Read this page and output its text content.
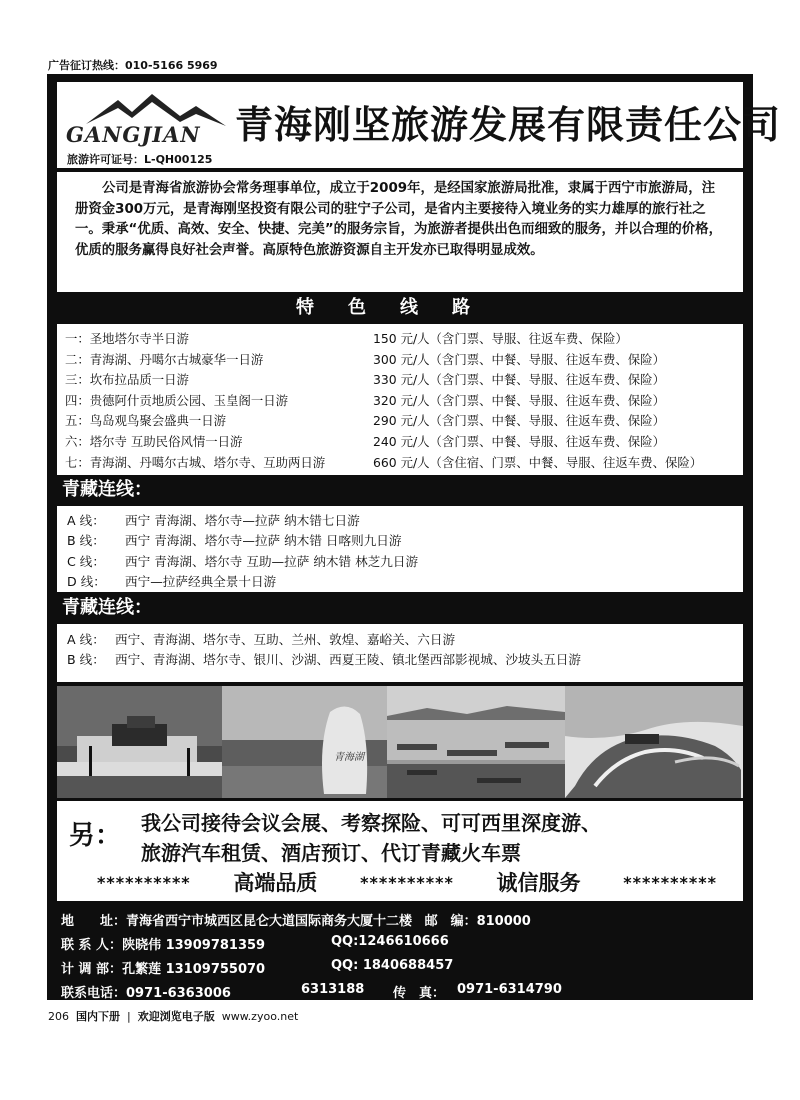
广告征订热线：010-5166 5969
GANGJIAN 青海刚坚旅游发展有限责任公司
旅游许可证号：L-QH00125

公司是青海省旅游协会常务理事单位，成立于2009年，是经国家旅游局批准，隶属于西宁市旅游局，注册资金300万元，是青海刚坚投资有限公司的驻宁子公司，是省内主要接待入境业务的实力雄厚的旅行社之一。秉承“优质、高效、安全、快捷、完美”的服务宗旨，为旅游者提供出色而细致的服务，并以合理的价格，优质的服务赢得良好社会声誉。高原特色旅游资源自主开发亦已取得明显成效。

特色线路
一：圣地塔尔寺半日游	150 元/人（含门票、导服、往返车费、保险）
二：青海湖、丹噶尔古城豪华一日游	300 元/人（含门票、中餐、导服、往返车费、保险）
三：坎布拉品质一日游	330 元/人（含门票、中餐、导服、往返车费、保险）
四：贵德阿什贡地质公园、玉皇阁一日游	320 元/人（含门票、中餐、导服、往返车费、保险）
五：鸟岛观鸟聚会盛典一日游	290 元/人（含门票、中餐、导服、往返车费、保险）
六：塔尔寺 互助民俗风情一日游	240 元/人（含门票、中餐、导服、往返车费、保险）
七：青海湖、丹噶尔古城、塔尔寺、互助两日游	660 元/人（含住宿、门票、中餐、导服、往返车费、保险）
青藏连线：
A 线： 西宁 青海湖、塔尔寺—拉萨 纳木错七日游
B 线： 西宁 青海湖、塔尔寺—拉萨 纳木错 日喀则九日游
C 线： 西宁 青海湖、塔尔寺 互助—拉萨 纳木错 林芝九日游
D 线： 西宁—拉萨经典全景十日游
青藏连线：
A 线： 西宁、青海湖、塔尔寺、互助、兰州、敦煌、嘉峪关、六日游
B 线： 西宁、青海湖、塔尔寺、银川、沙湖、西夏王陵、镇北堡西部影视城、沙坡头五日游
青海湖
另： 我公司接待会议会展、考察探险、可可西里深度游、
旅游汽车租赁、酒店预订、代订青藏火车票
********** 高端品质	********** 诚信服务	**********
地　　址：青海省西宁市城西区昆仑大道国际商务大厦十二楼 邮　编：810000
联 系 人：陕晓伟 13909781359	QQ:1246610666
计 调 部：孔繁莲 13109755070	QQ: 1840688457
联系电话：0971-6363006	6313188 传　真： 0971-6314790
206 国内下册  |  欢迎浏览电子版 www.zyoo.net
